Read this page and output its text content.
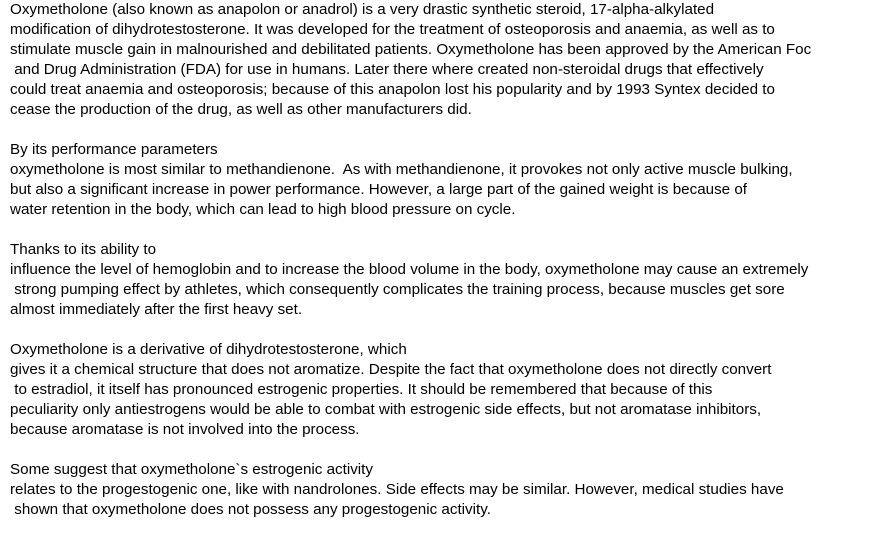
Oxymetholone (also known as anapolon or anadrol) is a very drastic synthetic steroid, 17-alpha-alkylated
modification of dihydrotestosterone. It was developed for the treatment of osteoporosis and anaemia, as well as to
stimulate muscle gain in malnourished and debilitated patients. Oxymetholone has been approved by the American Foc
and Drug Administration (FDA) for use in humans. Later there where created non-steroidal drugs that effectively
could treat anaemia and osteoporosis; because of this anapolon lost his popularity and by 1993 Syntex decided to
cease the production of the drug, as well as other manufacturers did.
By its performance parameters
oxymetholone is most similar to methandienone.  As with methandienone, it provokes not only active muscle bulking,
but also a significant increase in power performance. However, a large part of the gained weight is because of
water retention in the body, which can lead to high blood pressure on cycle.
Thanks to its ability to
influence the level of hemoglobin and to increase the blood volume in the body, oxymetholone may cause an extremely
strong pumping effect by athletes, which consequently complicates the training process, because muscles get sore
almost immediately after the first heavy set.
Oxymetholone is a derivative of dihydrotestosterone, which
gives it a chemical structure that does not aromatize. Despite the fact that oxymetholone does not directly convert
to estradiol, it itself has pronounced estrogenic properties. It should be remembered that because of this
peculiarity only antiestrogens would be able to combat with estrogenic side effects, but not aromatase inhibitors,
because aromatase is not involved into the process.
Some suggest that oxymetholone`s estrogenic activity
relates to the progestogenic one, like with nandrolones. Side effects may be similar. However, medical studies have
shown that oxymetholone does not possess any progestogenic activity.
